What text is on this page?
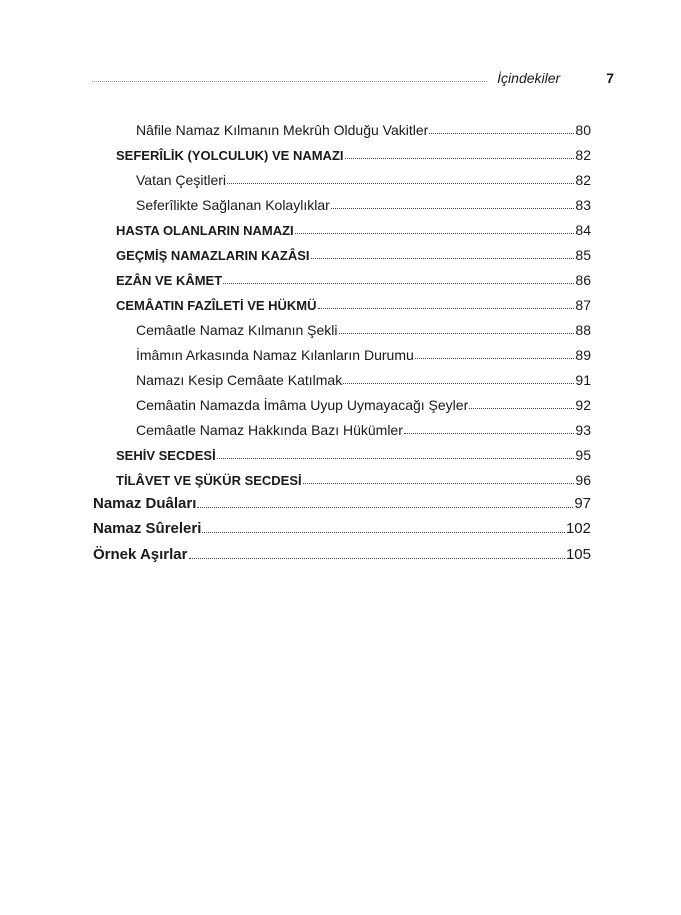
İçindekiler	7
Nâfile Namaz Kılmanın Mekrûh Olduğu Vakitler	80
SEFERÎLİK (YOLCULUK) VE NAMAZI	82
Vatan Çeşitleri	82
Seferîlikte Sağlanan Kolaylıklar	83
HASTA OLANLARIN NAMAZI	84
GEÇMİŞ NAMAZLARIN KAZÂSI	85
EZÂN VE KÂMET	86
CEMÂATIN FAZÎLETİ VE HÜKMÜ	87
Cemâatle Namaz Kılmanın Şekli	88
İmâmın Arkasında Namaz Kılanların Durumu	89
Namazı Kesip Cemâate Katılmak	91
Cemâatin Namazda İmâma Uyup Uymayacağı Şeyler	92
Cemâatle Namaz Hakkında Bazı Hükümler	93
SEHİV SECDESİ	95
TİLÂVET VE ŞÜKÜR SECDESİ	96
Namaz Duâları	97
Namaz Sûreleri	102
Örnek Aşırlar	105
